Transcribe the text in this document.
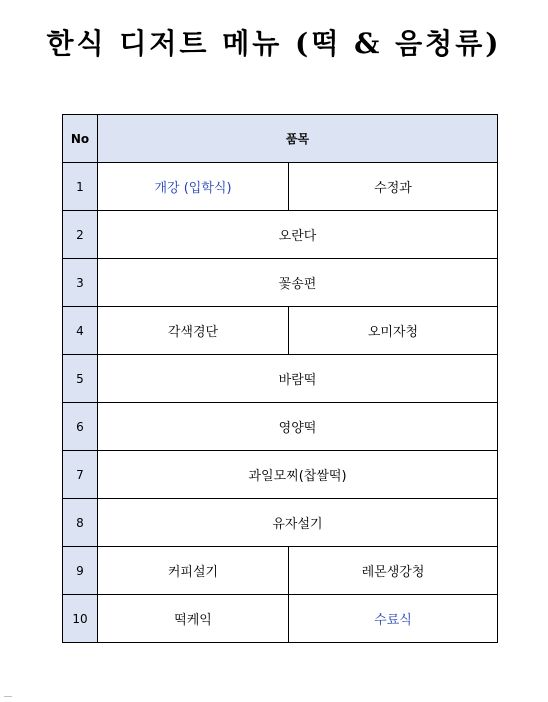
한식 디저트 메뉴 (떡 & 음청류)
No	품목	
1	개강 (입학식)	수정과
2	오란다	
3	꽃송편	
4	각색경단	오미자청
5	바람떡	
6	영양떡	
7	과일모찌(찹쌀떡)	
8	유자설기	
9	커피설기	레몬생강청
10	떡케익	수료식
